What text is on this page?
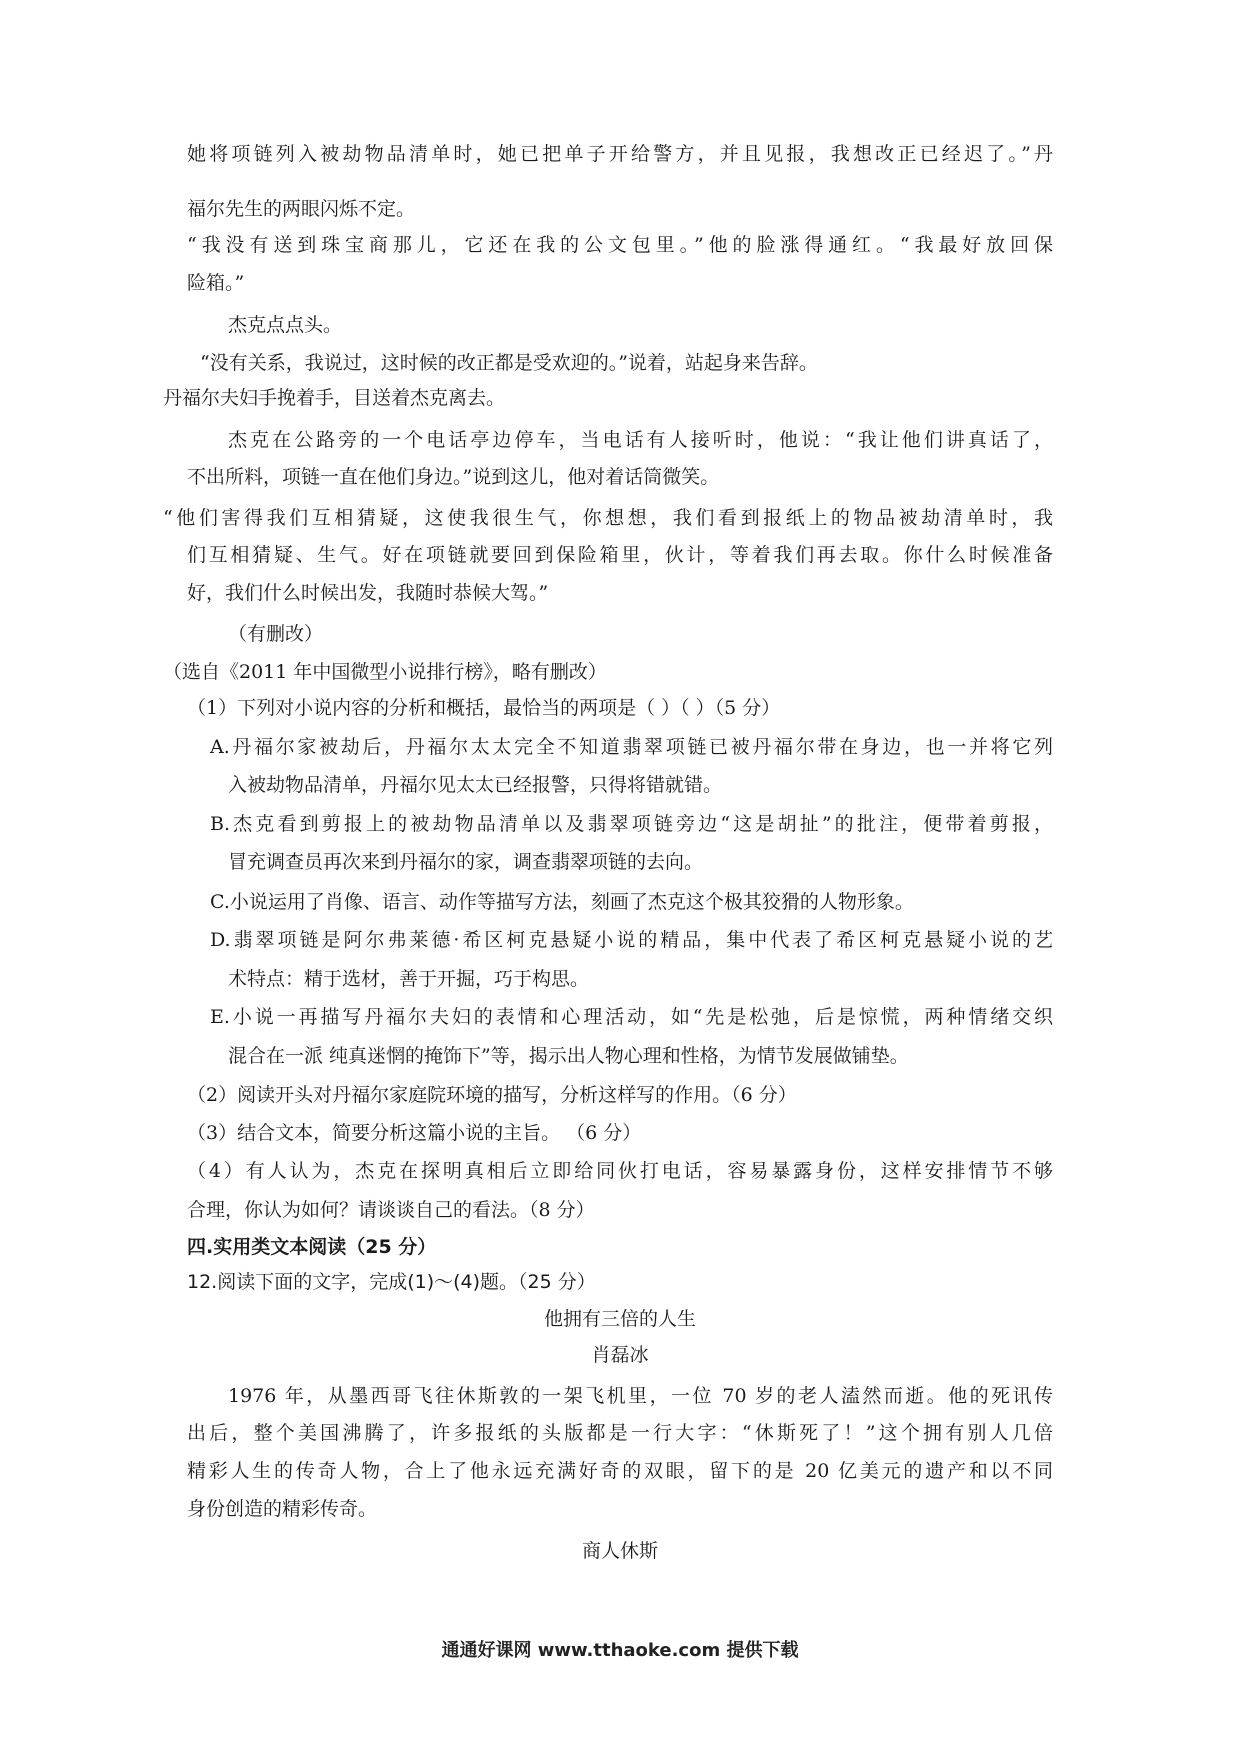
她将项链列入被劫物品清单时，她已把单子开给警方，并且见报，我想改正已经迟了。”丹
福尔先生的两眼闪烁不定。
“我没有送到珠宝商那儿，它还在我的公文包里。”他的脸涨得通红。“我最好放回保
险箱。”
杰克点点头。
“没有关系，我说过，这时候的改正都是受欢迎的。”说着，站起身来告辞。
丹福尔夫妇手挽着手，目送着杰克离去。
杰克在公路旁的一个电话亭边停车，当电话有人接听时，他说：“我让他们讲真话了，
不出所料，项链一直在他们身边。”说到这儿，他对着话筒微笑。
“他们害得我们互相猜疑，这使我很生气，你想想，我们看到报纸上的物品被劫清单时，我
们互相猜疑、生气。好在项链就要回到保险箱里，伙计，等着我们再去取。你什么时候准备
好，我们什么时候出发，我随时恭候大驾。”
（有删改）
（选自《2011 年中国微型小说排行榜》，略有删改）
（1）下列对小说内容的分析和概括，最恰当的两项是（ ）（ ）（5 分）
A.丹福尔家被劫后，丹福尔太太完全不知道翡翠项链已被丹福尔带在身边，也一并将它列
入被劫物品清单，丹福尔见太太已经报警，只得将错就错。
B.杰克看到剪报上的被劫物品清单以及翡翠项链旁边“这是胡扯”的批注，便带着剪报，
冒充调查员再次来到丹福尔的家，调查翡翠项链的去向。
C.小说运用了肖像、语言、动作等描写方法，刻画了杰克这个极其狡猾的人物形象。
D.翡翠项链是阿尔弗莱德·希区柯克悬疑小说的精品，集中代表了希区柯克悬疑小说的艺
术特点：精于选材，善于开掘，巧于构思。
E.小说一再描写丹福尔夫妇的表情和心理活动，如“先是松弛，后是惊慌，两种情绪交织
混合在一派 纯真迷惘的掩饰下”等，揭示出人物心理和性格，为情节发展做铺垫。
（2）阅读开头对丹福尔家庭院环境的描写，分析这样写的作用。（6 分）
（3）结合文本，简要分析这篇小说的主旨。 （6 分）
（4）有人认为，杰克在探明真相后立即给同伙打电话，容易暴露身份，这样安排情节不够
合理，你认为如何？请谈谈自己的看法。（8 分）
四.实用类文本阅读（25 分）
12.阅读下面的文字，完成(1)～(4)题。（25 分）
他拥有三倍的人生
肖磊冰
1976 年，从墨西哥飞往休斯敦的一架飞机里，一位 70 岁的老人溘然而逝。他的死讯传
出后，整个美国沸腾了，许多报纸的头版都是一行大字：“休斯死了！”这个拥有别人几倍
精彩人生的传奇人物，合上了他永远充满好奇的双眼，留下的是 20 亿美元的遗产和以不同
身份创造的精彩传奇。
商人休斯
通通好课网 www.tthaoke.com 提供下载
